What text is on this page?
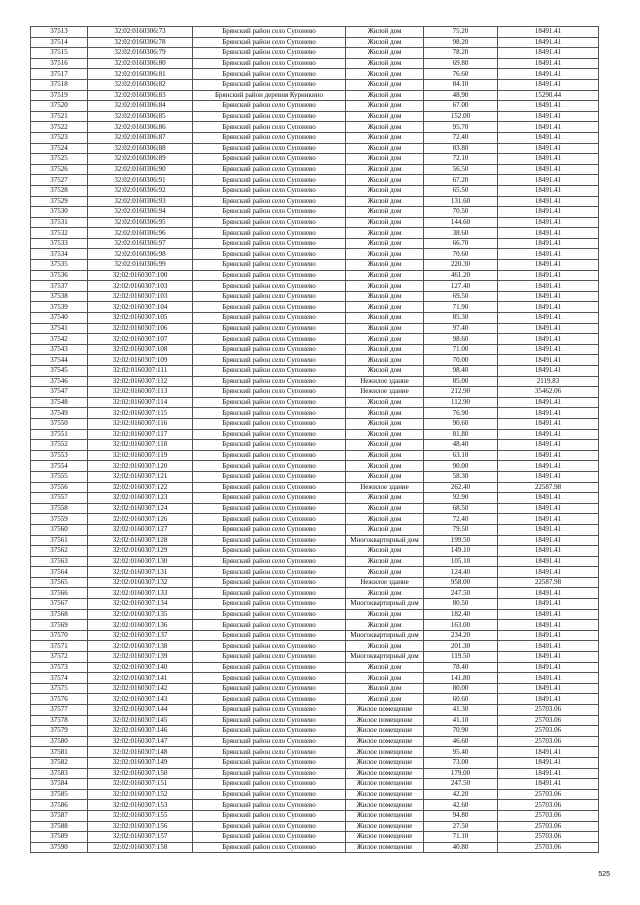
37513	32:02:0160306:73	Брянский район село Супонево	Жилой дом	75.20	18491.41	
37514	32:02:0160306:78	Брянский район село Супонево	Жилой дом	98.20	18491.41	
37515	32:02:0160306:79	Брянский район село Супонево	Жилой дом	78.20	18491.41	
37516	32:02:0160306:80	Брянский район село Супонево	Жилой дом	69.80	18491.41	
37517	32:02:0160306:81	Брянский район село Супонево	Жилой дом	76.60	18491.41	
37518	32:02:0160306:82	Брянский район село Супонево	Жилой дом	84.10	18491.41	
37519	32:02:0160306:83	Брянский район деревня Курникино	Жилой дом	48.90	15290.44	
37520	32:02:0160306:84	Брянский район село Супонево	Жилой дом	67.00	18491.41	
37521	32:02:0160306:85	Брянский район село Супонево	Жилой дом	152.00	18491.41	
37522	32:02:0160306:86	Брянский район село Супонево	Жилой дом	95.70	18491.41	
37523	32:02:0160306:87	Брянский район село Супонево	Жилой дом	72.40	18491.41	
37524	32:02:0160306:88	Брянский район село Супонево	Жилой дом	83.80	18491.41	
37525	32:02:0160306:89	Брянский район село Супонево	Жилой дом	72.10	18491.41	
37526	32:02:0160306:90	Брянский район село Супонево	Жилой дом	56.50	18491.41	
37527	32:02:0160306:91	Брянский район село Супонево	Жилой дом	67.20	18491.41	
37528	32:02:0160306:92	Брянский район село Супонево	Жилой дом	65.50	18491.41	
37529	32:02:0160306:93	Брянский район село Супонево	Жилой дом	131.60	18491.41	
37530	32:02:0160306:94	Брянский район село Супонево	Жилой дом	70.50	18491.41	
37531	32:02:0160306:95	Брянский район село Супонево	Жилой дом	144.60	18491.41	
37532	32:02:0160306:96	Брянский район село Супонево	Жилой дом	38.60	18491.41	
37533	32:02:0160306:97	Брянский район село Супонево	Жилой дом	66.70	18491.41	
37534	32:02:0160306:98	Брянский район село Супонево	Жилой дом	70.60	18491.41	
37535	32:02:0160306:99	Брянский район село Супонево	Жилой дом	220.30	18491.41	
37536	32:02:0160307:100	Брянский район село Супонево	Жилой дом	461.20	18491.41	
37537	32:02:0160307:103	Брянский район село Супонево	Жилой дом	127.40	18491.41	
37538	32:02:0160307:103	Брянский район село Супонево	Жилой дом	69.50	18491.41	
37539	32:02:0160307:104	Брянский район село Супонево	Жилой дом	71.90	18491.41	
37540	32:02:0160307:105	Брянский район село Супонево	Жилой дом	85.30	18491.41	
37541	32:02:0160307:106	Брянский район село Супонево	Жилой дом	97.40	18491.41	
37542	32:02:0160307:107	Брянский район село Супонево	Жилой дом	98.60	18491.41	
37543	32:02:0160307:108	Брянский район село Супонево	Жилой дом	71.00	18491.41	
37544	32:02:0160307:109	Брянский район село Супонево	Жилой дом	70.00	18491.41	
37545	32:02:0160307:111	Брянский район село Супонево	Жилой дом	98.40	18491.41	
37546	32:02:0160307:112	Брянский район село Супонево	Нежилое здание	85.00	2119.83	
37547	32:02:0160307:113	Брянский район село Супонево	Нежилое здание	212.90	35462.06	
37548	32:02:0160307:114	Брянский район село Супонево	Жилой дом	112.90	18491.41	
37549	32:02:0160307:115	Брянский район село Супонево	Жилой дом	76.90	18491.41	
37550	32:02:0160307:116	Брянский район село Супонево	Жилой дом	90.60	18491.41	
37551	32:02:0160307:117	Брянский район село Супонево	Жилой дом	81.80	18491.41	
37552	32:02:0160307:118	Брянский район село Супонево	Жилой дом	48.40	18491.41	
37553	32:02:0160307:119	Брянский район село Супонево	Жилой дом	63.10	18491.41	
37554	32:02:0160307:120	Брянский район село Супонево	Жилой дом	90.00	18491.41	
37555	32:02:0160307:121	Брянский район село Супонево	Жилой дом	58.30	18491.41	
37556	32:02:0160307:122	Брянский район село Супонево	Нежилое здание	262.40	22587.98	
37557	32:02:0160307:123	Брянский район село Супонево	Жилой дом	92.90	18491.41	
37558	32:02:0160307:124	Брянский район село Супонево	Жилой дом	68.50	18491.41	
37559	32:02:0160307:126	Брянский район село Супонево	Жилой дом	72.40	18491.41	
37560	32:02:0160307:127	Брянский район село Супонево	Жилой дом	79.50	18491.41	
37561	32:02:0160307:128	Брянский район село Супонево	Многоквартирный дом	199.50	18491.41	
37562	32:02:0160307:129	Брянский район село Супонево	Жилой дом	149.10	18491.41	
37563	32:02:0160307:130	Брянский район село Супонево	Жилой дом	105.10	18491.41	
37564	32:02:0160307:131	Брянский район село Супонево	Жилой дом	124.40	18491.41	
37565	32:02:0160307:132	Брянский район село Супонево	Нежилое здание	958.00	22587.98	
37566	32:02:0160307:133	Брянский район село Супонево	Жилой дом	247.50	18491.41	
37567	32:02:0160307:134	Брянский район село Супонево	Многоквартирный дом	80.50	18491.41	
37568	32:02:0160307:135	Брянский район село Супонево	Жилой дом	182.40	18491.41	
37569	32:02:0160307:136	Брянский район село Супонево	Жилой дом	163.00	18491.41	
37570	32:02:0160307:137	Брянский район село Супонево	Многоквартирный дом	234.20	18491.41	
37571	32:02:0160307:138	Брянский район село Супонево	Жилой дом	201.30	18491.41	
37572	32:02:0160307:139	Брянский район село Супонево	Многоквартирный дом	119.50	18491.41	
37573	32:02:0160307:140	Брянский район село Супонево	Жилой дом	78.40	18491.41	
37574	32:02:0160307:141	Брянский район село Супонево	Жилой дом	141.80	18491.41	
37575	32:02:0160307:142	Брянский район село Супонево	Жилой дом	80.00	18491.41	
37576	32:02:0160307:143	Брянский район село Супонево	Жилой дом	60.60	18491.41	
37577	32:02:0160307:144	Брянский район село Супонево	Жилое помещение	41.30	25703.06	
37578	32:02:0160307:145	Брянский район село Супонево	Жилое помещение	41.10	25703.06	
37579	32:02:0160307:146	Брянский район село Супонево	Жилое помещение	70.90	25703.06	
37580	32:02:0160307:147	Брянский район село Супонево	Жилое помещение	46.60	25703.06	
37581	32:02:0160307:148	Брянский район село Супонево	Жилое помещение	95.40	18491.41	
37582	32:02:0160307:149	Брянский район село Супонево	Жилое помещение	73.00	18491.41	
37583	32:02:0160307:150	Брянский район село Супонево	Жилое помещение	179.00	18491.41	
37584	32:02:0160307:151	Брянский район село Супонево	Жилое помещение	247.50	18491.41	
37585	32:02:0160307:152	Брянский район село Супонево	Жилое помещение	42.20	25703.06	
37586	32:02:0160307:153	Брянский район село Супонево	Жилое помещение	42.60	25703.06	
37587	32:02:0160307:155	Брянский район село Супонево	Жилое помещение	94.80	25703.06	
37588	32:02:0160307:156	Брянский район село Супонево	Жилое помещение	27.50	25703.06	
37589	32:02:0160307:157	Брянский район село Супонево	Жилое помещение	71.10	25703.06	
37590	32:02:0160307:158	Брянский район село Супонево	Жилое помещение	40.80	25703.06	
525
